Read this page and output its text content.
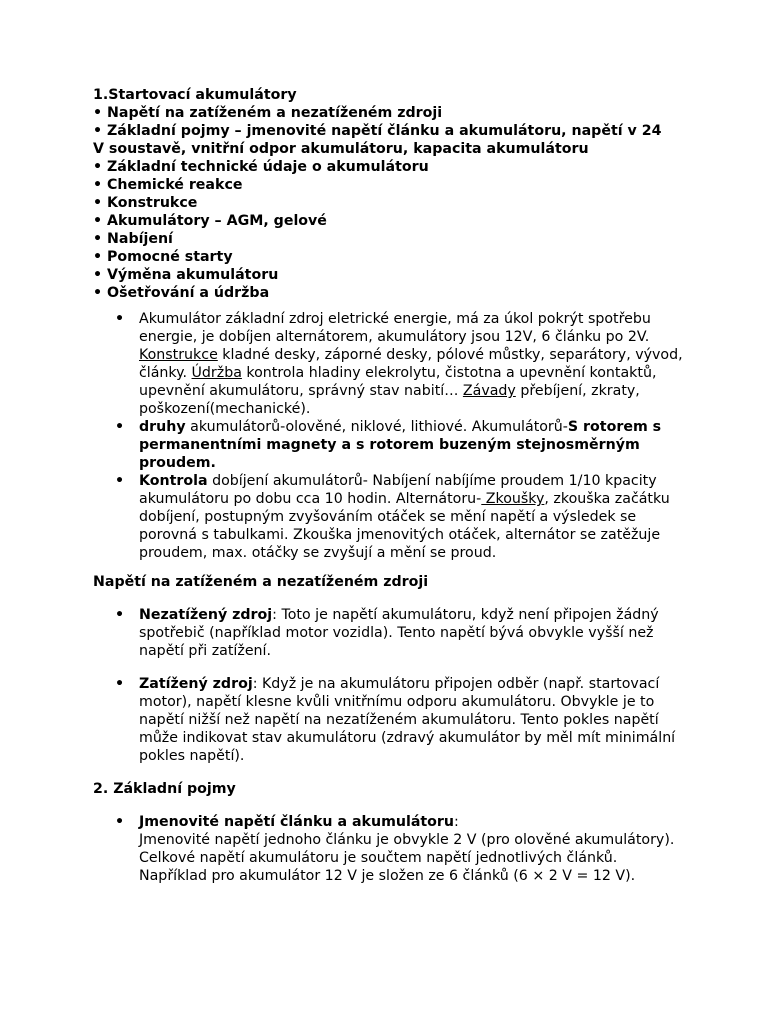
1.Startovací akumulátory
• Napětí na zatíženém a nezatíženém zdroji
• Základní pojmy – jmenovité napětí článku a akumulátoru, napětí v 24
V soustavě, vnitřní odpor akumulátoru, kapacita akumulátoru
• Základní technické údaje o akumulátoru
• Chemické reakce
• Konstrukce
• Akumulátory – AGM, gelové
• Nabíjení
• Pomocné starty
• Výměna akumulátoru
• Ošetřování a údržba
• Akumulátor základní zdroj eletrické energie, má za úkol pokrýt spotřebu energie, je dobíjen alternátorem, akumulátory jsou 12V, 6 článku po 2V. Konstrukce kladné desky, záporné desky, pólové můstky, separátory, vývod, články. Údržba kontrola hladiny elekrolytu, čistotna a upevnění kontaktů, upevnění akumulátoru, správný stav nabití… Závady přebíjení, zkraty, poškození(mechanické).
• druhy akumulátorů-olověné, niklové, lithiové. Akumulátorů-S rotorem s permanentními magnety a s rotorem buzeným stejnosměrným proudem.
• Kontrola dobíjení akumulátorů- Nabíjení nabíjíme proudem 1/10 kpacity akumulátoru po dobu cca 10 hodin. Alternátoru- Zkoušky, zkouška začátku dobíjení, postupným zvyšováním otáček se mění napětí a výsledek se porovná s tabulkami. Zkouška jmenovitých otáček, alternátor se zatěžuje proudem, max. otáčky se zvyšují a mění se proud.
Napětí na zatíženém a nezatíženém zdroji
• Nezatížený zdroj: Toto je napětí akumulátoru, když není připojen žádný spotřebič (například motor vozidla). Tento napětí bývá obvykle vyšší než napětí při zatížení.
• Zatížený zdroj: Když je na akumulátoru připojen odběr (např. startovací motor), napětí klesne kvůli vnitřnímu odporu akumulátoru. Obvykle je to napětí nižší než napětí na nezatíženém akumulátoru. Tento pokles napětí může indikovat stav akumulátoru (zdravý akumulátor by měl mít minimální pokles napětí).
2. Základní pojmy
• Jmenovité napětí článku a akumulátoru:
Jmenovité napětí jednoho článku je obvykle 2 V (pro olověné akumulátory). Celkové napětí akumulátoru je součtem napětí jednotlivých článků. Například pro akumulátor 12 V je složen ze 6 článků (6 × 2 V = 12 V).
